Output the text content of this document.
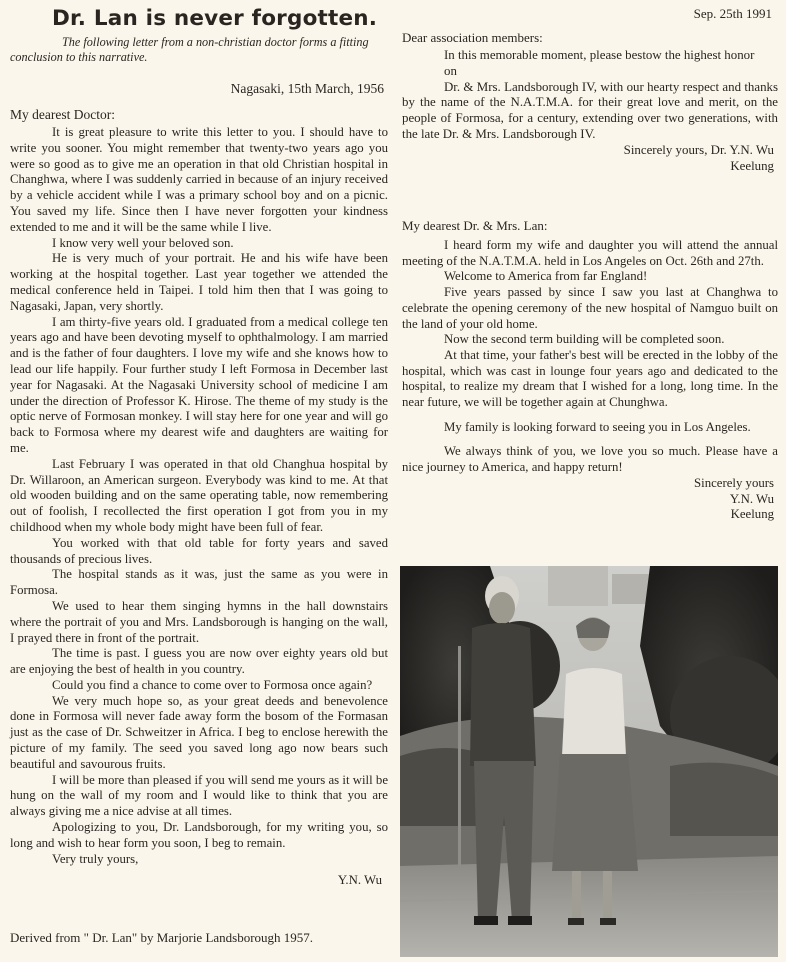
Dr. Lan is never forgotten.

The following letter from a non-christian doctor forms a fitting conclusion to this narrative.

Nagasaki, 15th March, 1956

My dearest Doctor:

It is great pleasure to write this letter to you. I should have to write you sooner. You might remember that twenty-two years ago you were so good as to give me an operation in that old Christian hospital in Changhwa, where I was suddenly carried in because of an injury received by a vehicle accident while I was a primary school boy and on a picnic. You saved my life. Since then I have never forgotten your kindness extended to me and it will be the same while I live.

I know very well your beloved son.

He is very much of your portrait. He and his wife have been working at the hospital together. Last year together we attended the medical conference held in Taipei. I told him then that I was going to Nagasaki, Japan, very shortly.

I am thirty-five years old. I graduated from a medical college ten years ago and have been devoting myself to ophthalmology. I am married and is the father of four daughters. I love my wife and she knows how to lead our life happily. Four further study I left Formosa in December last year for Nagasaki. At the Nagasaki University school of medicine I am under the direction of Professor K. Hirose. The theme of my study is the optic nerve of Formosan monkey. I will stay here for one year and will go back to Formosa where my dearest wife and daughters are waiting for me.

Last February I was operated in that old Changhua hospital by Dr. Willaroon, an American surgeon. Everybody was kind to me. At that old wooden building and on the same operating table, now remembering out of foolish, I recollected the first operation I got from you in my childhood when my whole body might have been full of fear.

You worked with that old table for forty years and saved thousands of precious lives.

The hospital stands as it was, just the same as you were in Formosa.

We used to hear them singing hymns in the hall downstairs where the portrait of you and Mrs. Landsborough is hanging on the wall, I prayed there in front of the portrait.

The time is past. I guess you are now over eighty years old but are enjoying the best of health in you country.

Could you find a chance to come over to Formosa once again?

We very much hope so, as your great deeds and benevolence done in Formosa will never fade away form the bosom of the Formasan just as the case of Dr. Schweitzer in Africa. I beg to enclose herewith the picture of my family. The seed you saved long ago now bears such beautiful and savourous fruits.

I will be more than pleased if you will send me yours as it will be hung on the wall of my room and I would like to think that you are always giving me a nice advise at all times.

Apologizing to you, Dr. Landsborough, for my writing you, so long and wish to hear form you soon, I beg to remain.

Very truly yours,

Y.N. Wu

Derived from " Dr. Lan" by Marjorie Landsborough 1957.

Sep. 25th 1991

Dear association members:

In this memorable moment, please bestow the highest honor

on

Dr. & Mrs. Landsborough IV, with our hearty respect and thanks by the name of the N.A.T.M.A. for their great love and merit, on the people of Formosa, for a century, extending over two generations, with the late Dr. & Mrs. Landsborough IV.

Sincerely yours, Dr. Y.N. Wu

Keelung

My dearest Dr. & Mrs. Lan:

I heard form my wife and daughter you will attend the annual meeting of the N.A.T.M.A. held in Los Angeles on Oct. 26th and 27th.

Welcome to America from far England!

Five years passed by since I saw you last at Changhwa to celebrate the opening ceremony of the new hospital of Namguo built on the land of your old home.

Now the second term building will be completed soon.

At that time, your father's best will be erected in the lobby of the hospital, which was cast in lounge four years ago and dedicated to the hospital, to realize my dream that I wished for a long, long time. In the near future, we will be together again at Chunghwa.

My family is looking forward to seeing you in Los Angeles.

We always think of you, we love you so much. Please have a nice journey to America, and happy return!

Sincerely yours

Y.N. Wu

Keelung
